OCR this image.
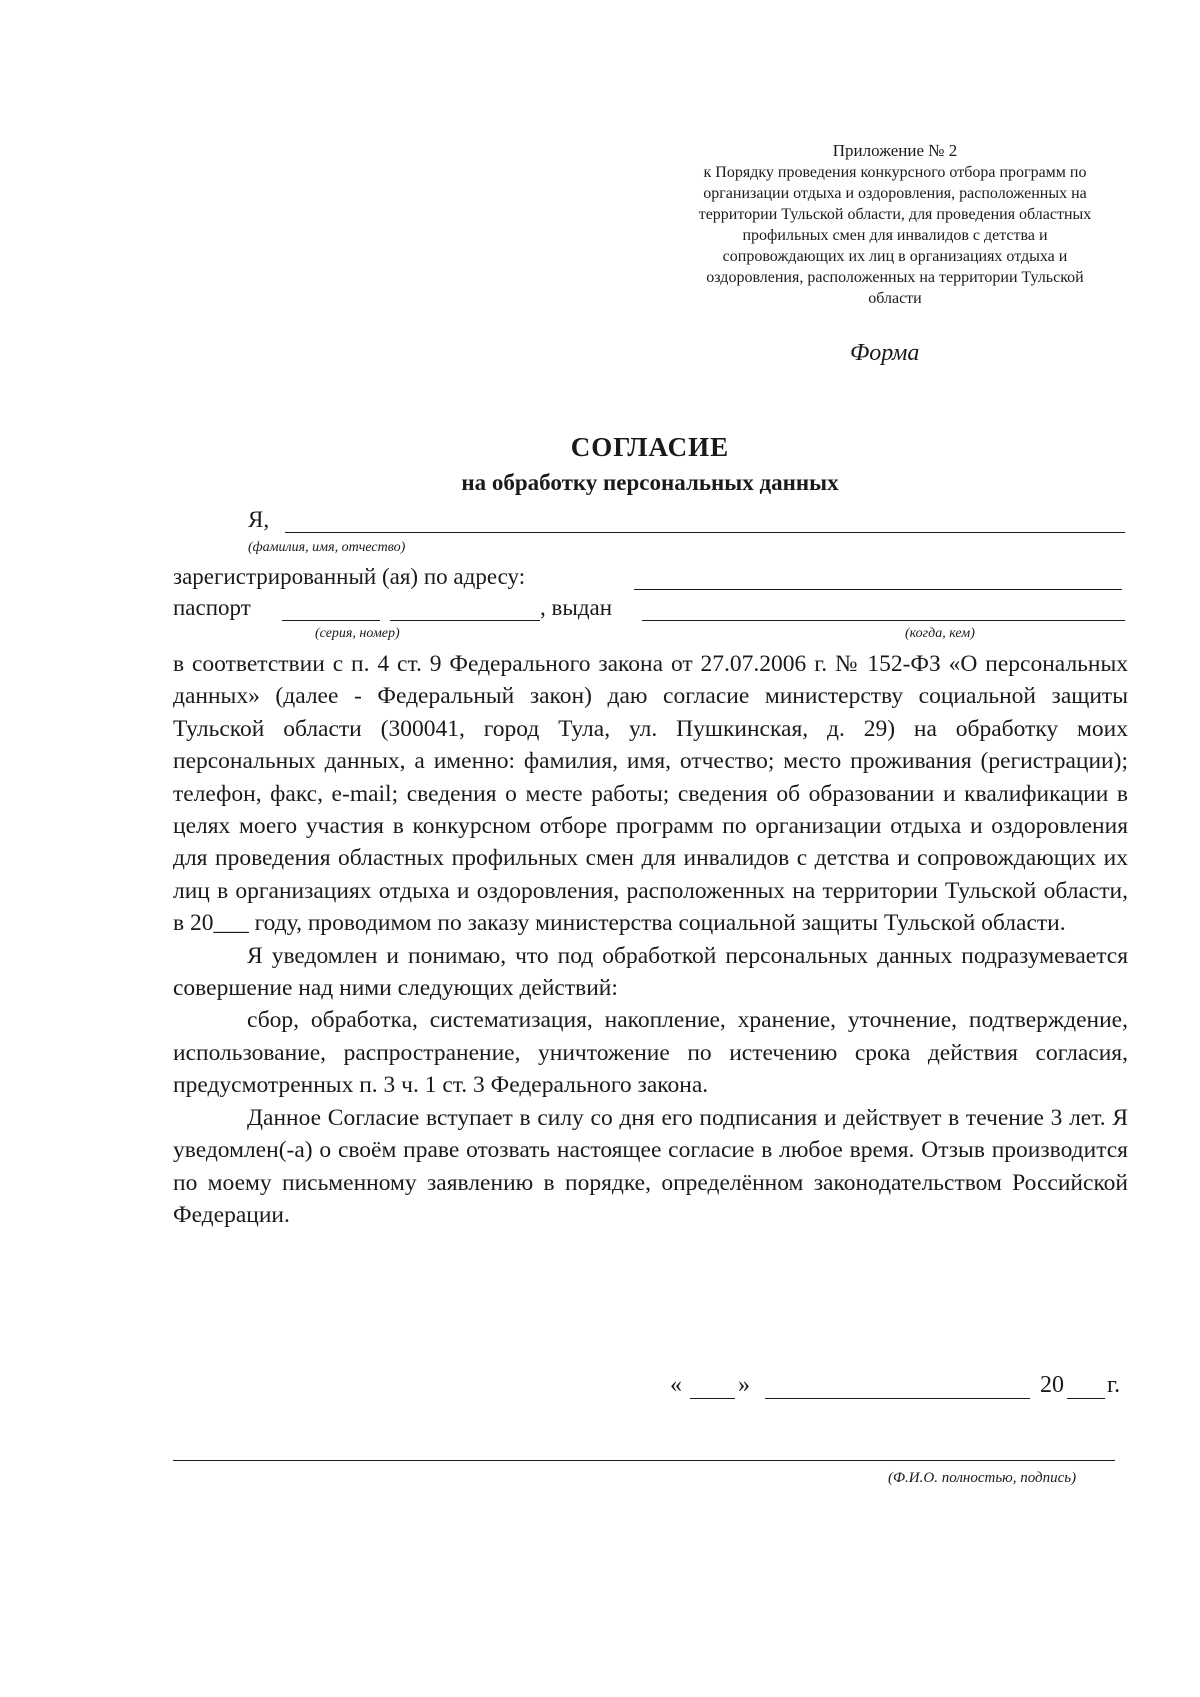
Приложение № 2
к Порядку проведения конкурсного отбора программ по
организации отдыха и оздоровления, расположенных на
территории Тульской области, для проведения областных
профильных смен для инвалидов с детства и
сопровождающих их лиц в организациях отдыха и
оздоровления, расположенных на территории Тульской
области
Форма
СОГЛАСИЕ
на обработку персональных данных
Я,
(фамилия, имя, отчество)
зарегистрированный (ая) по адресу:
паспорт	, выдан
(серия, номер)	(когда, кем)

в соответствии с п. 4 ст. 9 Федерального закона от 27.07.2006 г. № 152-ФЗ «О персональных данных» (далее - Федеральный закон) даю согласие министерству социальной защиты Тульской области (300041, город Тула, ул. Пушкинская, д. 29) на обработку моих персональных данных, а именно: фамилия, имя, отчество; место проживания (регистрации); телефон, факс, e-mail; сведения о месте работы; сведения об образовании и квалификации в целях моего участия в конкурсном отборе программ по организации отдыха и оздоровления для проведения областных профильных смен для инвалидов с детства и сопровождающих их лиц в организациях отдыха и оздоровления, расположенных на территории Тульской области, в 20___ году, проводимом по заказу министерства социальной защиты Тульской области.

Я уведомлен и понимаю, что под обработкой персональных данных подразумевается совершение над ними следующих действий:

сбор, обработка, систематизация, накопление, хранение, уточнение, подтверждение, использование, распространение, уничтожение по истечению срока действия согласия, предусмотренных п. 3 ч. 1 ст. 3 Федерального закона.

Данное Согласие вступает в силу со дня его подписания и действует в течение 3 лет. Я уведомлен(-а) о своём праве отозвать настоящее согласие в любое время. Отзыв производится по моему письменному заявлению в порядке, определённом законодательством Российской Федерации.

« »	20 г.
(Ф.И.О. полностью, подпись)
